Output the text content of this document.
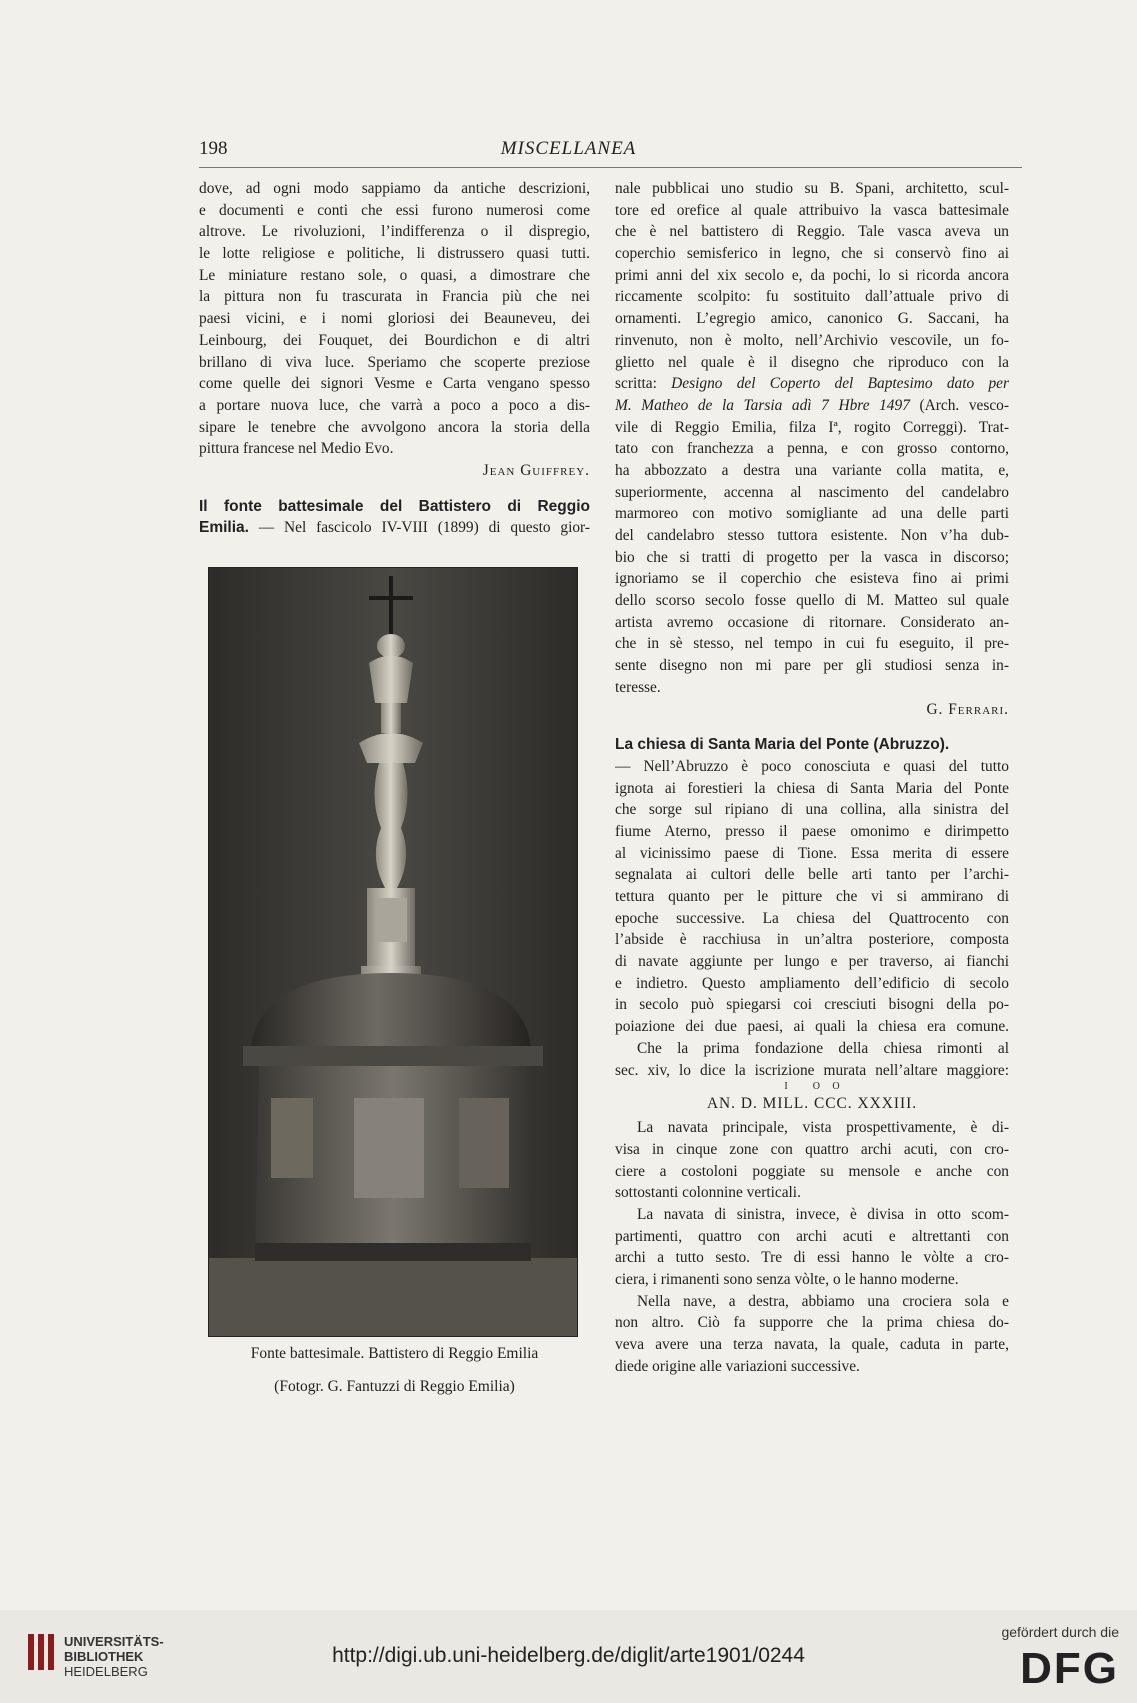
198	MISCELLANEA
dove, ad ogni modo sappiamo da antiche descrizioni,
e documenti e conti che essi furono numerosi come
altrove. Le rivoluzioni, l’indifferenza o il dispregio,
le lotte religiose e politiche, li distrussero quasi tutti.
Le miniature restano sole, o quasi, a dimostrare che
la pittura non fu trascurata in Francia più che nei
paesi vicini, e i nomi gloriosi dei Beauneveu, dei
Leinbourg, dei Fouquet, dei Bourdichon e di altri
brillano di viva luce. Speriamo che scoperte preziose
come quelle dei signori Vesme e Carta vengano spesso
a portare nuova luce, che varrà a poco a poco a dis-
sipare le tenebre che avvolgono ancora la storia della
pittura francese nel Medio Evo.
Jean Guiffrey.
Il fonte battesimale del Battistero di Reggio
Emilia. — Nel fascicolo IV-VIII (1899) di questo gior-
Fonte battesimale. Battistero di Reggio Emilia
(Fotogr. G. Fantuzzi di Reggio Emilia)
nale pubblicai uno studio su B. Spani, architetto, scul-
tore ed orefice al quale attribuivo la vasca battesimale
che è nel battistero di Reggio. Tale vasca aveva un
coperchio semisferico in legno, che si conservò fino ai
primi anni del xix secolo e, da pochi, lo si ricorda ancora
riccamente scolpito: fu sostituito dall’attuale privo di
ornamenti. L’egregio amico, canonico G. Saccani, ha
rinvenuto, non è molto, nell’Archivio vescovile, un fo-
glietto nel quale è il disegno che riproduco con la
scritta: Designo del Coperto del Baptesimo dato per
M. Matheo de la Tarsia adì 7 Hbre 1497 (Arch. vesco-
vile di Reggio Emilia, filza Iª, rogito Correggi). Trat-
tato con franchezza a penna, e con grosso contorno,
ha abbozzato a destra una variante colla matita, e,
superiormente, accenna al nascimento del candelabro
marmoreo con motivo somigliante ad una delle parti
del candelabro stesso tuttora esistente. Non v’ha dub-
bio che si tratti di progetto per la vasca in discorso;
ignoriamo se il coperchio che esisteva fino ai primi
dello scorso secolo fosse quello di M. Matteo sul quale
artista avremo occasione di ritornare. Considerato an-
che in sè stesso, nel tempo in cui fu eseguito, il pre-
sente disegno non mi pare per gli studiosi senza in-
teresse.
G. Ferrari.
La chiesa di Santa Maria del Ponte (Abruzzo).
— Nell’Abruzzo è poco conosciuta e quasi del tutto
ignota ai forestieri la chiesa di Santa Maria del Ponte
che sorge sul ripiano di una collina, alla sinistra del
fiume Aterno, presso il paese omonimo e dirimpetto
al vicinissimo paese di Tione. Essa merita di essere
segnalata ai cultori delle belle arti tanto per l’archi-
tettura quanto per le pitture che vi si ammirano di
epoche successive. La chiesa del Quattrocento con
l’abside è racchiusa in un’altra posteriore, composta
di navate aggiunte per lungo e per traverso, ai fianchi
e indietro. Questo ampliamento dell’edificio di secolo
in secolo può spiegarsi coi cresciuti bisogni della po-
poiazione dei due paesi, ai quali la chiesa era comune.
Che la prima fondazione della chiesa rimonti al
sec. xiv, lo dice la iscrizione murata nell’altare maggiore:
I          O     O
AN. D. MILL. CCC. XXXIII.
La navata principale, vista prospettivamente, è di-
visa in cinque zone con quattro archi acuti, con cro-
ciere a costoloni poggiate su mensole e anche con
sottostanti colonnine verticali.
La navata di sinistra, invece, è divisa in otto scom-
partimenti, quattro con archi acuti e altrettanti con
archi a tutto sesto. Tre di essi hanno le vòlte a cro-
ciera, i rimanenti sono senza vòlte, o le hanno moderne.
Nella nave, a destra, abbiamo una crociera sola e
non altro. Ciò fa supporre che la prima chiesa do-
veva avere una terza navata, la quale, caduta in parte,
diede origine alle variazioni successive.
UNIVERSITÄTS-
BIBLIOTHEK
HEIDELBERG
http://digi.ub.uni-heidelberg.de/diglit/arte1901/0244
gefördert durch die
DFG
